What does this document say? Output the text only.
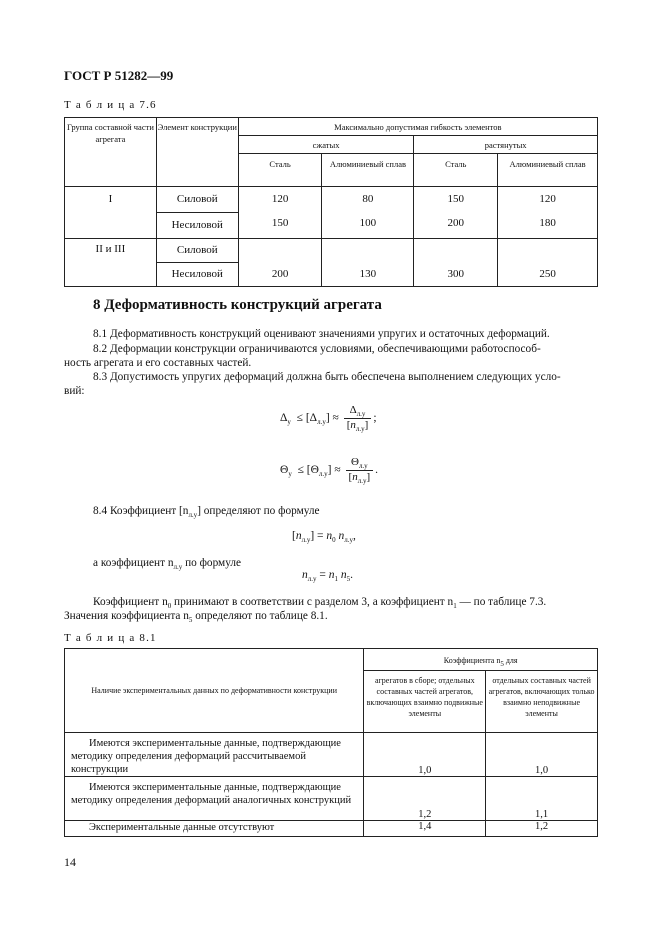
ГОСТ Р 51282—99
Т а б л и ц а 7.6
Группа составной части агрегата	Элемент конструкции	Максимально допустимая гибкость элементов			
		сжатых		растянутых	
		Сталь	Алюминиевый сплав	Сталь	Алюминиевый сплав
I	Силовой	120	80	150	120
	Несиловой	150	100	200	180
II и III	Силовой				
	Несиловой	200	130	300	250
8 Деформативность конструкций агрегата
8.1 Деформативность конструкций оценивают значениями упругих и остаточных деформаций.
8.2 Деформации конструкции ограничиваются условиями, обеспечивающими работоспособ-
ность агрегата и его составных частей.
8.3 Допустимость упругих деформаций должна быть обеспечена выполнением следующих усло-
вий:
$\Delta_y \le [\Delta_{л.у}] \approx \frac{\Delta_{л.у}}{[n_{л.у}]}$ ;
$\Theta_y \le [\Theta_{л.у}] \approx \frac{\Theta_{л.у}}{[n_{л.у}]}$ .
8.4 Коэффициент $[n_{л.у}]$ определяют по формуле
$[n_{л.у}] = n_0$ $n_{л.у}$,
а коэффициент $n_{л.у}$ по формуле
$n_{л.у} = n_1$ $n_5$.
Коэффициент $n_0$ принимают в соответствии с разделом 3, а коэффициент $n_1$ — по таблице 7.3.
Значения коэффициента $n_5$ определяют по таблице 8.1.
Т а б л и ц а 8.1
Наличие экспериментальных данных по деформативности конструкции	Коэффициента n5 для	
	агрегатов в сборе; отдельных составных частей агрегатов, включающих взаимно подвижные элементы	отдельных составных частей агрегатов, включающих только взаимно неподвижные элементы
Имеются экспериментальные данные, подтверждающие методику определения деформаций рассчитываемой конструкции	1,0	1,0
Имеются экспериментальные данные, подтверждающие методику определения деформаций аналогичных конструкций	1,2	1,1
Экспериментальные данные отсутствуют	1,4	1,2
14
